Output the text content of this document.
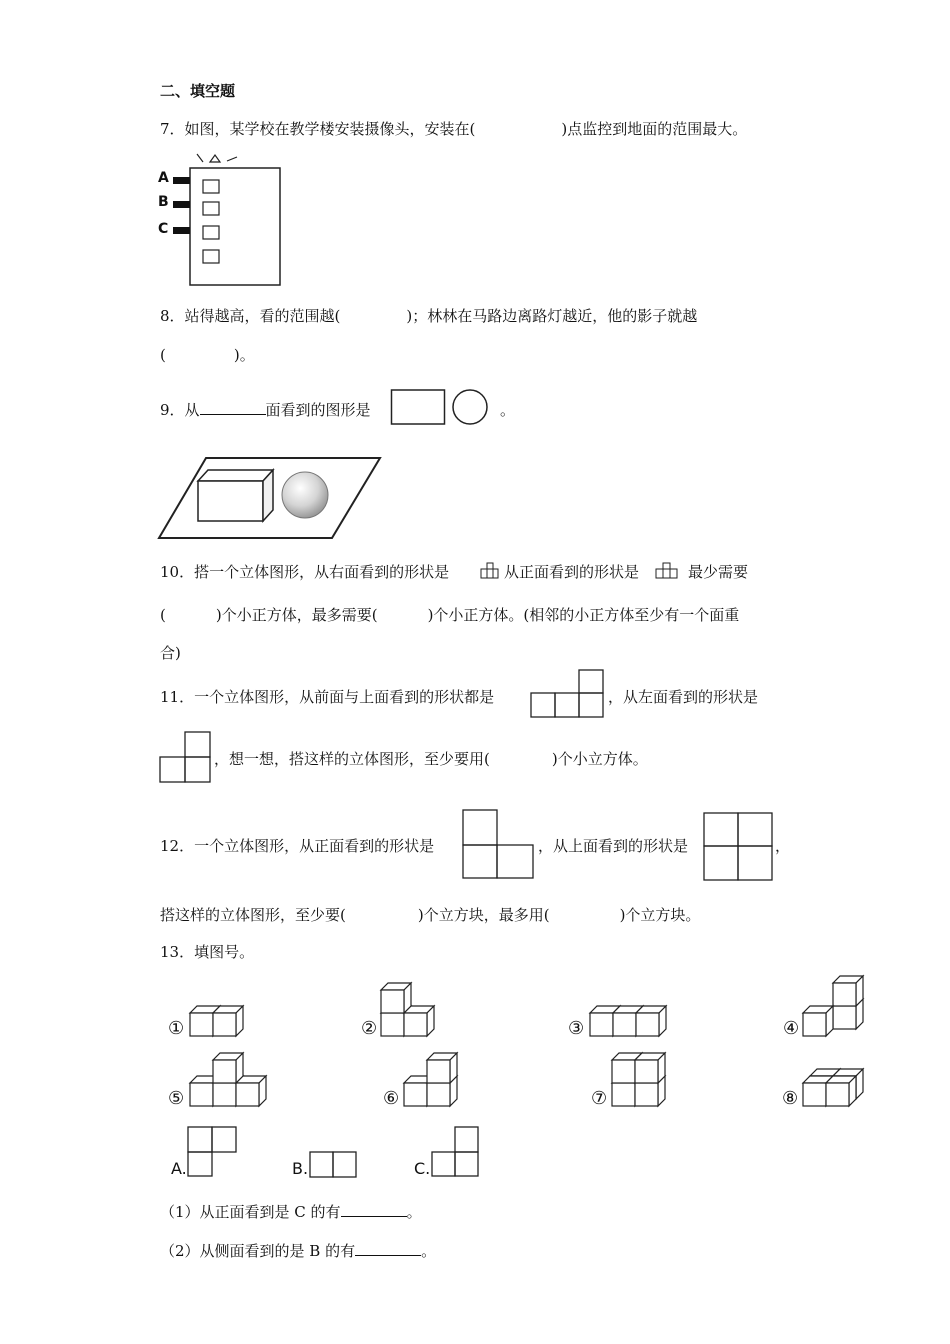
二、填空题
7．如图，某学校在教学楼安装摄像头，安装在(	)点监控到地面的范围最大。
A
B
C
8．站得越高，看的范围越(	)；林林在马路边离路灯越近，他的影子就越
(	)。
9．从	面看到的图形是	。
10．搭一个立体图形，从右面看到的形状是	从正面看到的形状是	最少需要
(	)个小正方体，最多需要(	)个小正方体。(相邻的小正方体至少有一个面重
合)
11．一个立体图形，从前面与上面看到的形状都是	，从左面看到的形状是
，想一想，搭这样的立体图形，至少要用(	)个小立方体。
12．一个立体图形，从正面看到的形状是	，从上面看到的形状是	，
搭这样的立体图形，至少要(	)个立方块，最多用(	)个立方块。
13．填图号。
①	②	③	④
⑤	⑥	⑦	⑧
A.	B.	C.
（1）从正面看到是 C 的有	。
（2）从侧面看到的是 B 的有	。
